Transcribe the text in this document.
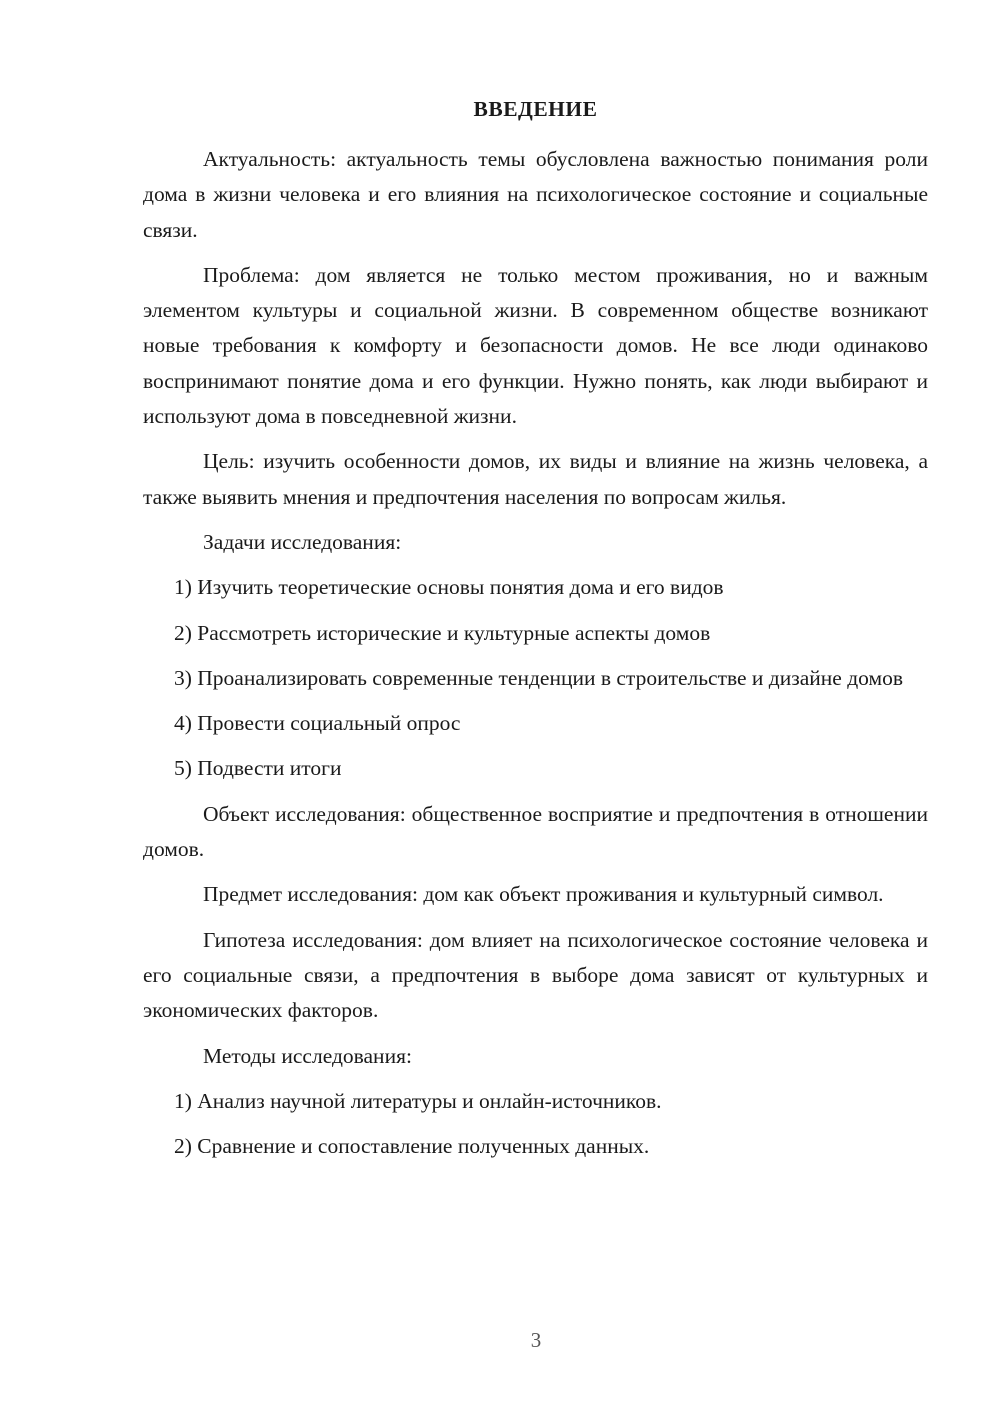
ВВЕДЕНИЕ

Актуальность: актуальность темы обусловлена важностью понимания роли дома в жизни человека и его влияния на психологическое состояние и социальные связи.

Проблема: дом является не только местом проживания, но и важным элементом культуры и социальной жизни. В современном обществе возникают новые требования к комфорту и безопасности домов. Не все люди одинаково воспринимают понятие дома и его функции. Нужно понять, как люди выбирают и используют дома в повседневной жизни.

Цель: изучить особенности домов, их виды и влияние на жизнь человека, а также выявить мнения и предпочтения населения по вопросам жилья.

Задачи исследования:

1) Изучить теоретические основы понятия дома и его видов

2) Рассмотреть исторические и культурные аспекты домов

3) Проанализировать современные тенденции в строительстве и дизайне домов

4) Провести социальный опрос

5) Подвести итоги

Объект исследования: общественное восприятие и предпочтения в отношении домов.

Предмет исследования: дом как объект проживания и культурный символ.

Гипотеза исследования: дом влияет на психологическое состояние человека и его социальные связи, а предпочтения в выборе дома зависят от культурных и экономических факторов.

Методы исследования:

1) Анализ научной литературы и онлайн-источников.

2) Сравнение и сопоставление полученных данных.

3
